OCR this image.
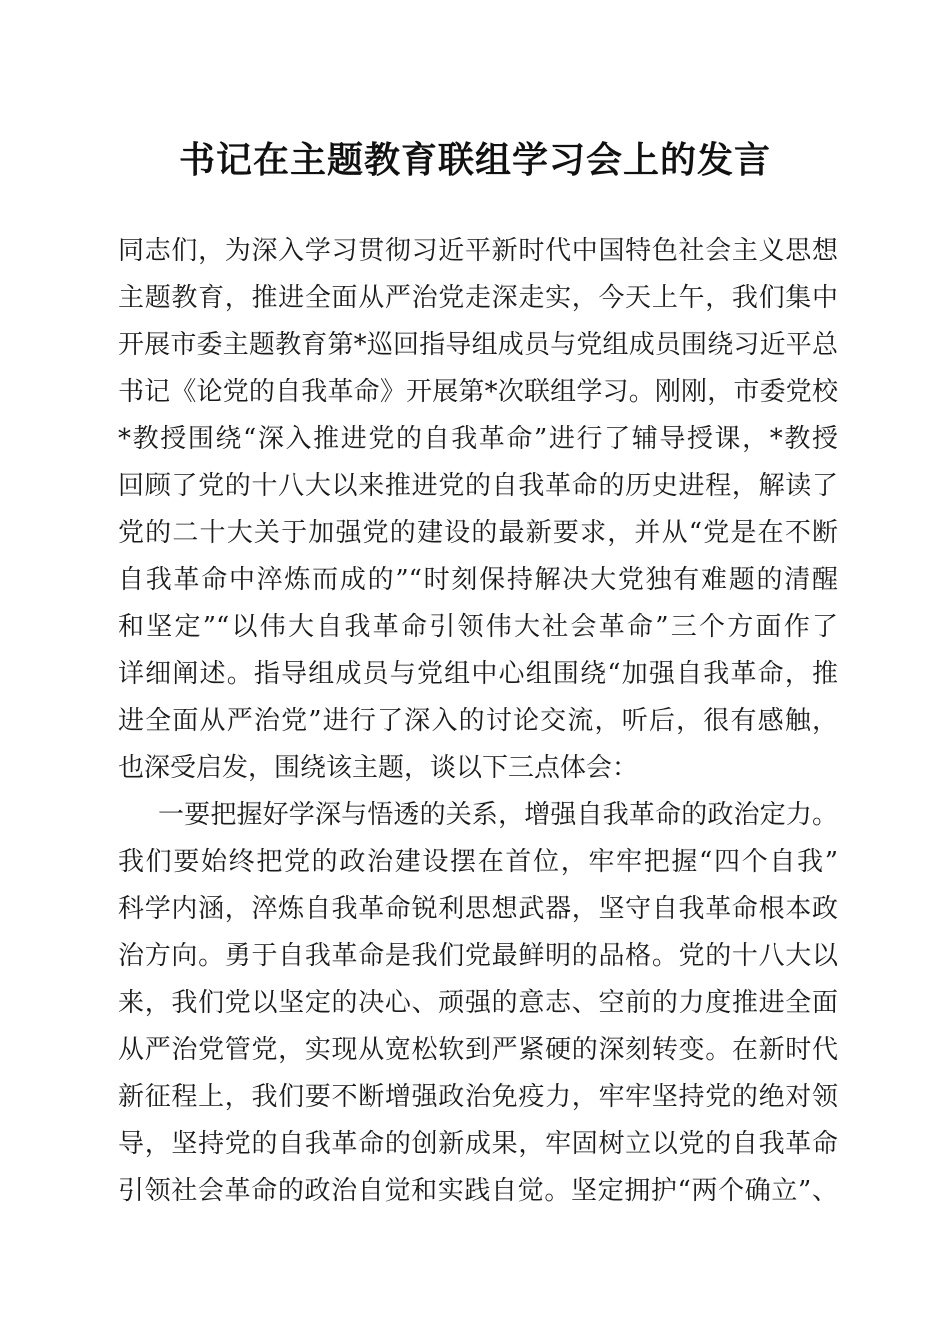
书记在主题教育联组学习会上的发言
同志们，为深入学习贯彻习近平新时代中国特色社会主义思想
主题教育，推进全面从严治党走深走实，今天上午，我们集中
开展市委主题教育第*巡回指导组成员与党组成员围绕习近平总
书记《论党的自我革命》开展第*次联组学习。刚刚，市委党校
*教授围绕“深入推进党的自我革命”进行了辅导授课，*教授
回顾了党的十八大以来推进党的自我革命的历史进程，解读了
党的二十大关于加强党的建设的最新要求，并从“党是在不断
自我革命中淬炼而成的”“时刻保持解决大党独有难题的清醒
和坚定”“以伟大自我革命引领伟大社会革命”三个方面作了
详细阐述。指导组成员与党组中心组围绕“加强自我革命，推
进全面从严治党”进行了深入的讨论交流，听后，很有感触，
也深受启发，围绕该主题，谈以下三点体会：
一要把握好学深与悟透的关系，增强自我革命的政治定力。
我们要始终把党的政治建设摆在首位，牢牢把握“四个自我”
科学内涵，淬炼自我革命锐利思想武器，坚守自我革命根本政
治方向。勇于自我革命是我们党最鲜明的品格。党的十八大以
来，我们党以坚定的决心、顽强的意志、空前的力度推进全面
从严治党管党，实现从宽松软到严紧硬的深刻转变。在新时代
新征程上，我们要不断增强政治免疫力，牢牢坚持党的绝对领
导，坚持党的自我革命的创新成果，牢固树立以党的自我革命
引领社会革命的政治自觉和实践自觉。坚定拥护“两个确立”、
